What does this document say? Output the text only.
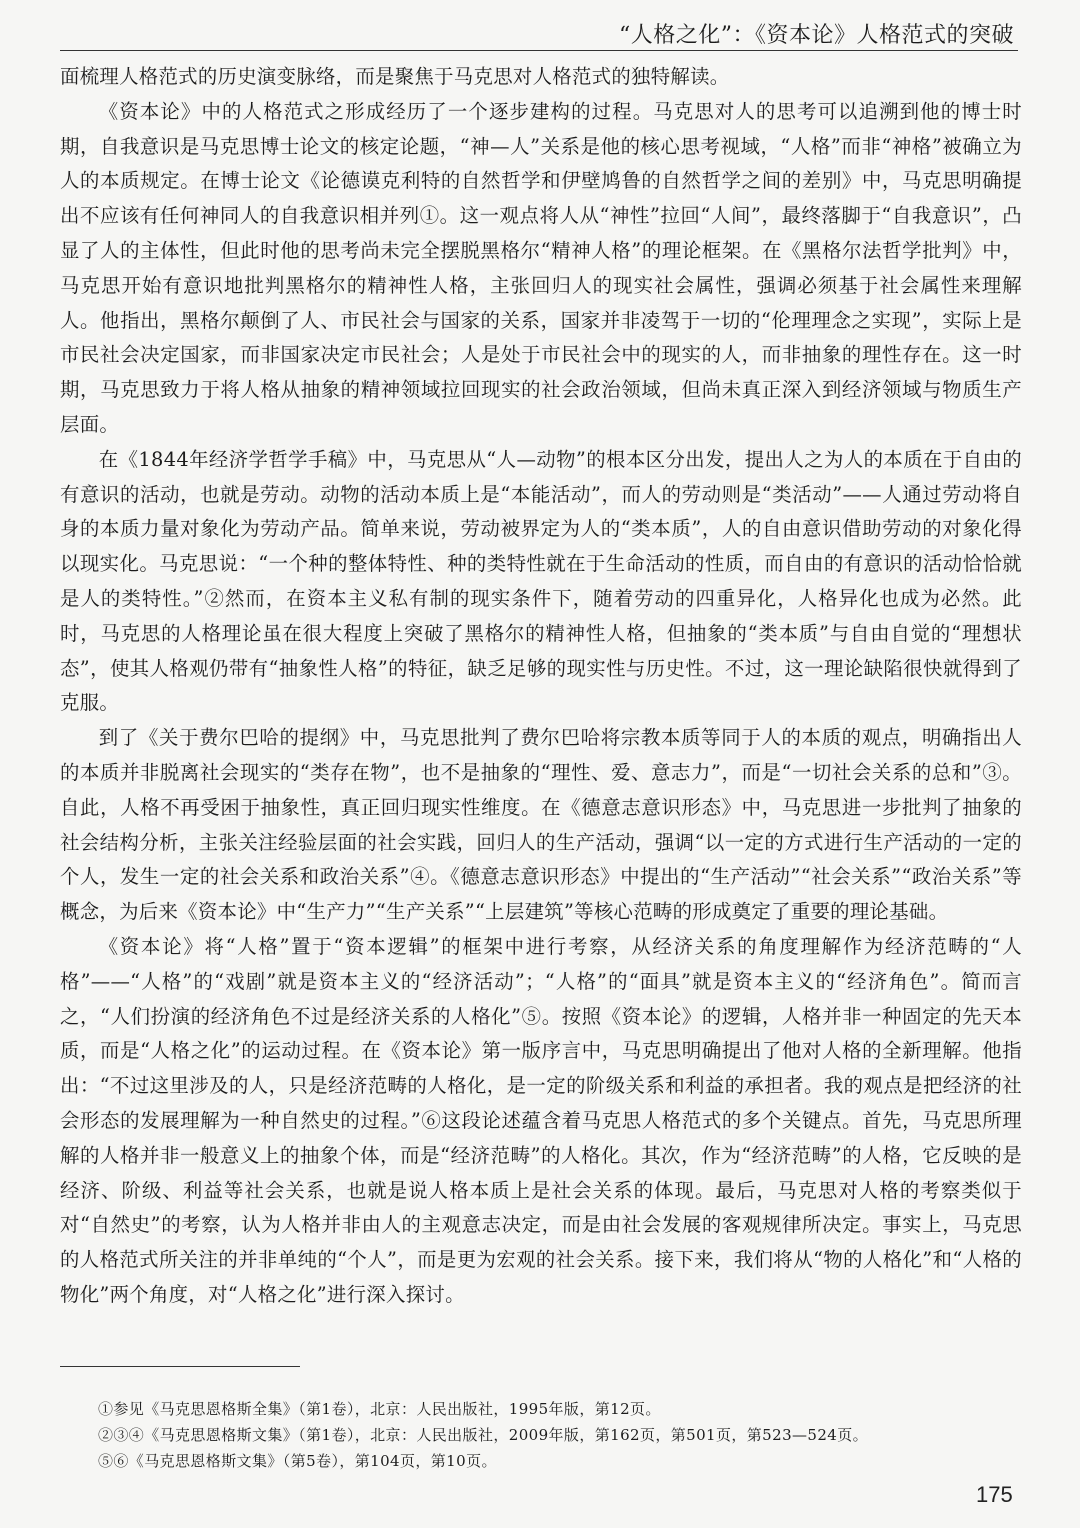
“人格之化”：《资本论》人格范式的突破

面梳理人格范式的历史演变脉络，而是聚焦于马克思对人格范式的独特解读。

《资本论》中的人格范式之形成经历了一个逐步建构的过程。马克思对人的思考可以追溯到他的博士时期，自我意识是马克思博士论文的核定论题，“神—人”关系是他的核心思考视域，“人格”而非“神格”被确立为人的本质规定。在博士论文《论德谟克利特的自然哲学和伊壁鸠鲁的自然哲学之间的差别》中，马克思明确提出不应该有任何神同人的自我意识相并列①。这一观点将人从“神性”拉回“人间”，最终落脚于“自我意识”，凸显了人的主体性，但此时他的思考尚未完全摆脱黑格尔“精神人格”的理论框架。在《黑格尔法哲学批判》中，马克思开始有意识地批判黑格尔的精神性人格，主张回归人的现实社会属性，强调必须基于社会属性来理解人。他指出，黑格尔颠倒了人、市民社会与国家的关系，国家并非凌驾于一切的“伦理理念之实现”，实际上是市民社会决定国家，而非国家决定市民社会；人是处于市民社会中的现实的人，而非抽象的理性存在。这一时期，马克思致力于将人格从抽象的精神领域拉回现实的社会政治领域，但尚未真正深入到经济领域与物质生产层面。

在《1844年经济学哲学手稿》中，马克思从“人—动物”的根本区分出发，提出人之为人的本质在于自由的有意识的活动，也就是劳动。动物的活动本质上是“本能活动”，而人的劳动则是“类活动”——人通过劳动将自身的本质力量对象化为劳动产品。简单来说，劳动被界定为人的“类本质”，人的自由意识借助劳动的对象化得以现实化。马克思说：“一个种的整体特性、种的类特性就在于生命活动的性质，而自由的有意识的活动恰恰就是人的类特性。”②然而，在资本主义私有制的现实条件下，随着劳动的四重异化，人格异化也成为必然。此时，马克思的人格理论虽在很大程度上突破了黑格尔的精神性人格，但抽象的“类本质”与自由自觉的“理想状态”，使其人格观仍带有“抽象性人格”的特征，缺乏足够的现实性与历史性。不过，这一理论缺陷很快就得到了克服。

到了《关于费尔巴哈的提纲》中，马克思批判了费尔巴哈将宗教本质等同于人的本质的观点，明确指出人的本质并非脱离社会现实的“类存在物”，也不是抽象的“理性、爱、意志力”，而是“一切社会关系的总和”③。自此，人格不再受困于抽象性，真正回归现实性维度。在《德意志意识形态》中，马克思进一步批判了抽象的社会结构分析，主张关注经验层面的社会实践，回归人的生产活动，强调“以一定的方式进行生产活动的一定的个人，发生一定的社会关系和政治关系”④。《德意志意识形态》中提出的“生产活动”“社会关系”“政治关系”等概念，为后来《资本论》中“生产力”“生产关系”“上层建筑”等核心范畴的形成奠定了重要的理论基础。

《资本论》将“人格”置于“资本逻辑”的框架中进行考察，从经济关系的角度理解作为经济范畴的“人格”——“人格”的“戏剧”就是资本主义的“经济活动”；“人格”的“面具”就是资本主义的“经济角色”。简而言之，“人们扮演的经济角色不过是经济关系的人格化”⑤。按照《资本论》的逻辑，人格并非一种固定的先天本质，而是“人格之化”的运动过程。在《资本论》第一版序言中，马克思明确提出了他对人格的全新理解。他指出：“不过这里涉及的人，只是经济范畴的人格化，是一定的阶级关系和利益的承担者。我的观点是把经济的社会形态的发展理解为一种自然史的过程。”⑥这段论述蕴含着马克思人格范式的多个关键点。首先，马克思所理解的人格并非一般意义上的抽象个体，而是“经济范畴”的人格化。其次，作为“经济范畴”的人格，它反映的是经济、阶级、利益等社会关系，也就是说人格本质上是社会关系的体现。最后，马克思对人格的考察类似于对“自然史”的考察，认为人格并非由人的主观意志决定，而是由社会发展的客观规律所决定。事实上，马克思的人格范式所关注的并非单纯的“个人”，而是更为宏观的社会关系。接下来，我们将从“物的人格化”和“人格的物化”两个角度，对“人格之化”进行深入探讨。

①参见《马克思恩格斯全集》（第1卷），北京：人民出版社，1995年版，第12页。
②③④《马克思恩格斯文集》（第1卷），北京：人民出版社，2009年版，第162页，第501页，第523—524页。
⑤⑥《马克思恩格斯文集》（第5卷），第104页，第10页。
175
